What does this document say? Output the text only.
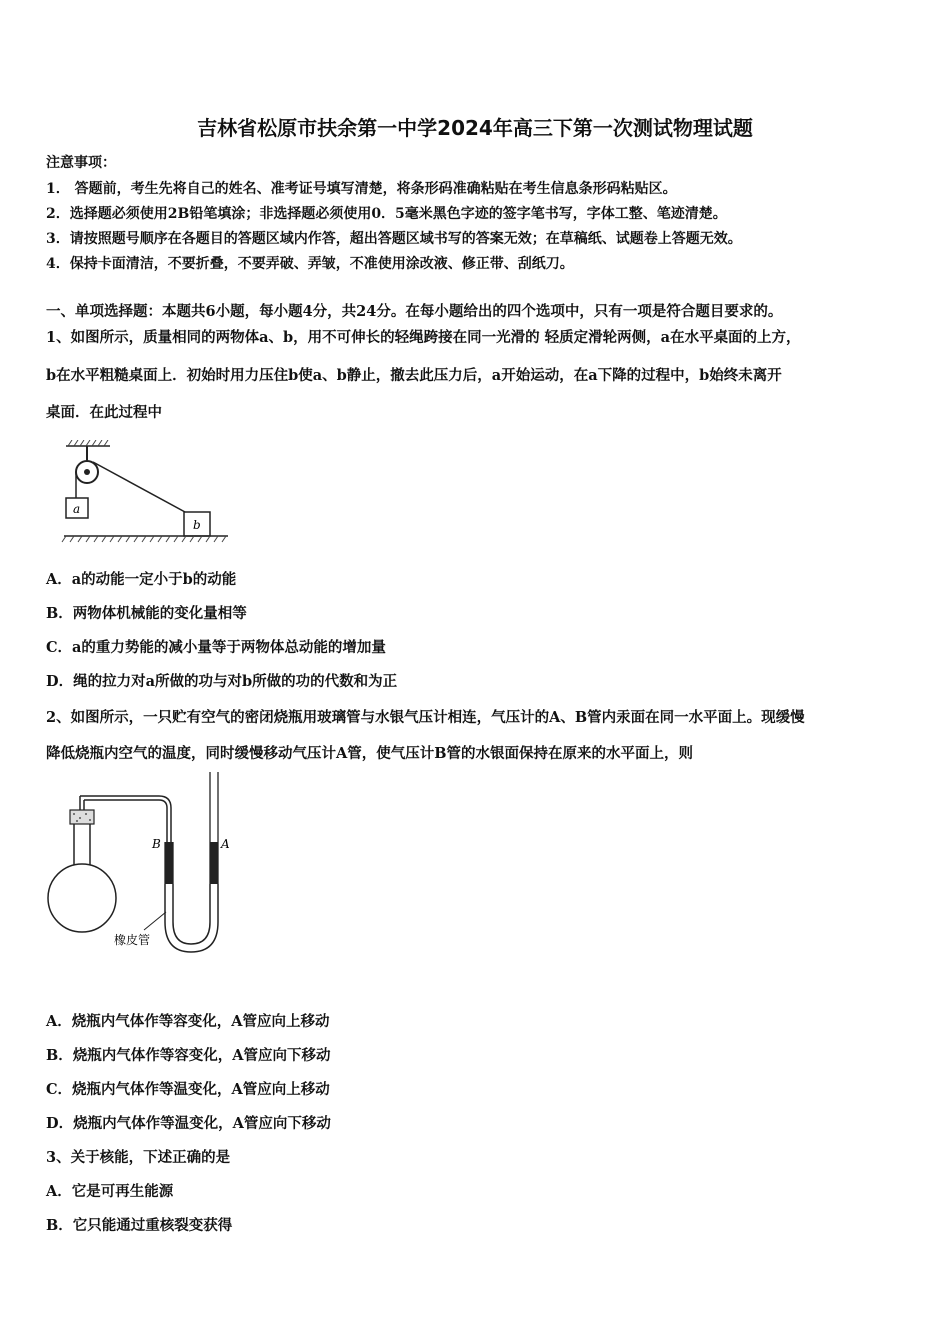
吉林省松原市扶余第一中学2024年高三下第一次测试物理试题
注意事项：
1． 答题前，考生先将自己的姓名、准考证号填写清楚，将条形码准确粘贴在考生信息条形码粘贴区。
2．选择题必须使用2B铅笔填涂；非选择题必须使用0．5毫米黑色字迹的签字笔书写，字体工整、笔迹清楚。
3．请按照题号顺序在各题目的答题区域内作答，超出答题区域书写的答案无效；在草稿纸、试题卷上答题无效。
4．保持卡面清洁，不要折叠，不要弄破、弄皱，不准使用涂改液、修正带、刮纸刀。
一、单项选择题：本题共6小题，每小题4分，共24分。在每小题给出的四个选项中，只有一项是符合题目要求的。
1、如图所示，质量相同的两物体a、b，用不可伸长的轻绳跨接在同一光滑的 轻质定滑轮两侧，a在水平桌面的上方，
b在水平粗糙桌面上．初始时用力压住b使a、b静止，撤去此压力后，a开始运动，在a下降的过程中，b始终未离开
桌面．在此过程中
a
b
A．a的动能一定小于b的动能
B．两物体机械能的变化量相等
C．a的重力势能的减小量等于两物体总动能的增加量
D．绳的拉力对a所做的功与对b所做的功的代数和为正
2、如图所示，一只贮有空气的密闭烧瓶用玻璃管与水银气压计相连，气压计的A、B管内汞面在同一水平面上。现缓慢
降低烧瓶内空气的温度，同时缓慢移动气压计A管，使气压计B管的水银面保持在原来的水平面上，则
B	A
橡皮管
A．烧瓶内气体作等容变化，A管应向上移动
B．烧瓶内气体作等容变化，A管应向下移动
C．烧瓶内气体作等温变化，A管应向上移动
D．烧瓶内气体作等温变化，A管应向下移动
3、关于核能，下述正确的是
A．它是可再生能源
B．它只能通过重核裂变获得
